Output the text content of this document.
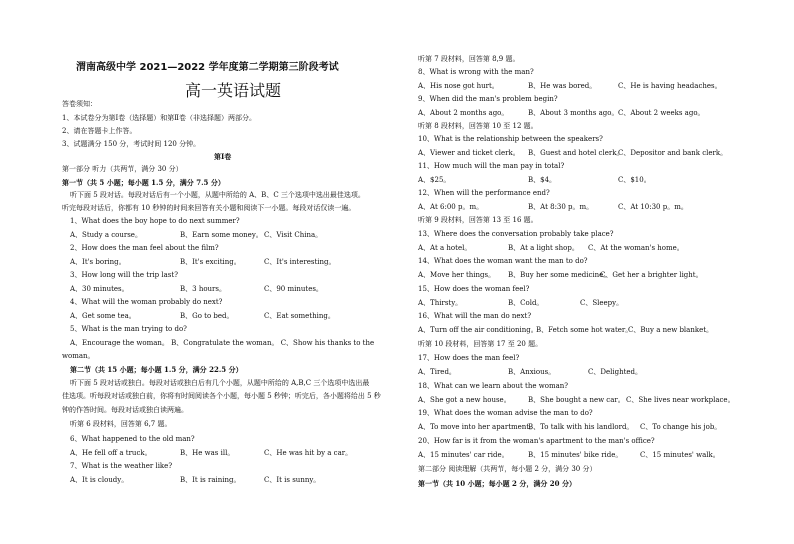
渭南高级中学 2021—2022 学年度第二学期第三阶段考试
高一英语试题
答卷须知：
1、本试卷分为第Ⅰ卷（选择题）和第Ⅱ卷（非选择题）两部分。
2、请在答题卡上作答。
3、试题满分 150 分，考试时间 120 分钟。
第Ⅰ卷
第一部分 听力（共两节，满分 30 分）
第一节（共 5 小题；每小题 1.5 分，满分 7.5 分）
听下面 5 段对话。每段对话后有一个小题，从题中所给的 A、B、C 三个选项中选出最佳选项。
听完每段对话后，你都有 10 秒钟的时间来回答有关小题和阅读下一小题。每段对话仅读一遍。
1、What does the boy hope to do next summer?
A、Study a course。	B、Earn some money。 C、Visit China。
2、How does the man feel about the film?
A、It's boring。	B、It's exciting。	C、It's interesting。
3、How long will the trip last?
A、30 minutes。	B、3 hours。	C、90 minutes。
4、What will the woman probably do next?
A、Get some tea。	B、Go to bed。	C、Eat something。
5、What is the man trying to do?
A、Encourage the woman。 B、Congratulate the woman。 C、Show his thanks to the
woman。
第二节（共 15 小题；每小题 1.5 分，满分 22.5 分）
听下面 5 段对话或独白。每段对话或独白后有几个小题，从题中所给的 A,B,C 三个选项中选出最
佳选项。听每段对话或独白前，你将有时间阅读各个小题，每小题 5 秒钟；听完后，各小题将给出 5 秒
钟的作答时间。每段对话或独白读两遍。
听第 6 段材料，回答第 6,7 题。
6、What happened to the old man?
A、He fell off a truck。	B、He was ill。	C、He was hit by a car。
7、What is the weather like?
A、It is cloudy。	B、It is raining。	C、It is sunny。
听第 7 段材料，回答第 8,9 题。
8、What is wrong with the man?
A、His nose got hurt。	B、He was bored。	C、He is having headaches。
9、When did the man's problem begin?
A、About 2 months ago。	B、About 3 months ago。 C、About 2 weeks ago。
听第 8 段材料，回答第 10 至 12 题。
10、What is the relationship between the speakers?
A、Viewer and ticket clerk。 B、Guest and hotel clerk。
C、Depositor and bank clerk。
11、How much will the man pay in total?
A、$25。	B、$4。	C、$10。
12、When will the performance end?
A、At 6:00 p。m。	B、At 8:30 p。m。	C、At 10:30 p。m。
听第 9 段材料，回答第 13 至 16 题。
13、Where does the conversation probably take place?
A、At a hotel。	B、At a light shop。 C、At the woman's home。
14、What does the woman want the man to do?
A、Move her things。 B、Buy her some medicine。
C、Get her a brighter light。
15、How does the woman feel?
A、Thirsty。	B、Cold。	C、Sleepy。
16、What will the man do next?
A、Turn off the air conditioning。
B、Fetch some hot water。
C、Buy a new blanket。
听第 10 段材料，回答第 17 至 20 题。
17、How does the man feel?
A、Tired。	B、Anxious。	C、Delighted。
18、What can we learn about the woman?
A、She got a new house。 B、She bought a new car。 C、She lives near workplace。
19、What does the woman advise the man to do?
A、To move into her apartment。
B、To talk with his landlord。 C、To change his job。
20、How far is it from the woman's apartment to the man's office?
A、15 minutes' car ride。	B、15 minutes' bike ride。	C、15 minutes' walk。
第二部分 阅读理解（共两节，每小题 2 分，满分 30 分）
第一节（共 10 小题；每小题 2 分，满分 20 分）
